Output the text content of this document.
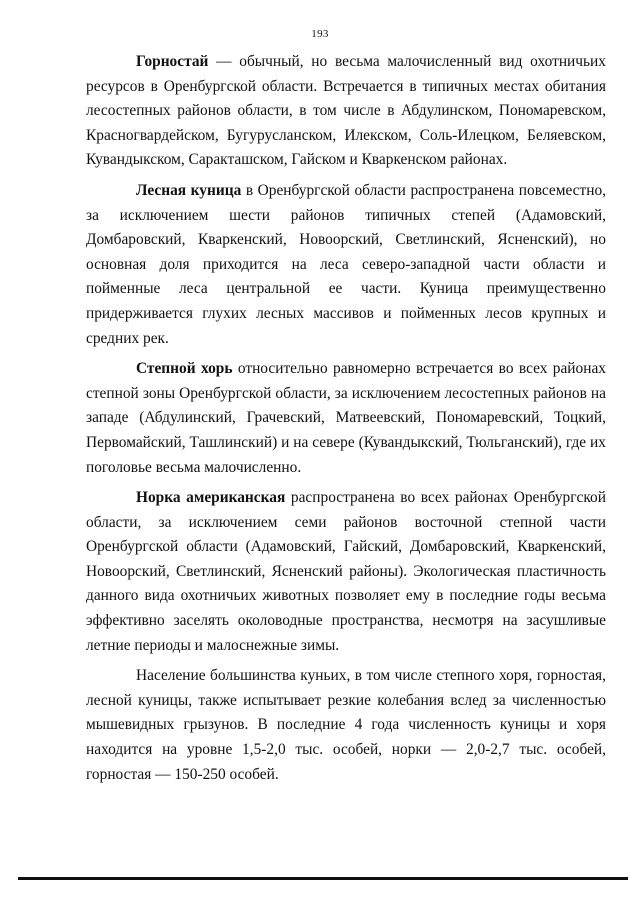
193

Горностай — обычный, но весьма малочисленный вид охотничьих ресурсов в Оренбургской области. Встречается в типичных местах обитания лесостепных районов области, в том числе в Абдулинском, Пономаревском, Красногвардейском, Бугурусланском, Илекском, Соль-Илецком, Беляевском, Кувандыкском, Саракташском, Гайском и Кваркенском районах.

Лесная куница в Оренбургской области распространена повсеместно, за исключением шести районов типичных степей (Адамовский, Домбаровский, Кваркенский, Новоорский, Светлинский, Ясненский), но основная доля приходится на леса северо-западной части области и пойменные леса центральной ее части. Куница преимущественно придерживается глухих лесных массивов и пойменных лесов крупных и средних рек.

Степной хорь относительно равномерно встречается во всех районах степной зоны Оренбургской области, за исключением лесостепных районов на западе (Абдулинский, Грачевский, Матвеевский, Пономаревский, Тоцкий, Первомайский, Ташлинский) и на севере (Кувандыкский, Тюльганский), где их поголовье весьма малочисленно.

Норка американская распространена во всех районах Оренбургской области, за исключением семи районов восточной степной части Оренбургской области (Адамовский, Гайский, Домбаровский, Кваркенский, Новоорский, Светлинский, Ясненский районы). Экологическая пластичность данного вида охотничьих животных позволяет ему в последние годы весьма эффективно заселять околоводные пространства, несмотря на засушливые летние периоды и малоснежные зимы.

Население большинства куньих, в том числе степного хоря, горностая, лесной куницы, также испытывает резкие колебания вслед за численностью мышевидных грызунов. В последние 4 года численность куницы и хоря находится на уровне 1,5-2,0 тыс. особей, норки — 2,0-2,7 тыс. особей, горностая — 150-250 особей.
